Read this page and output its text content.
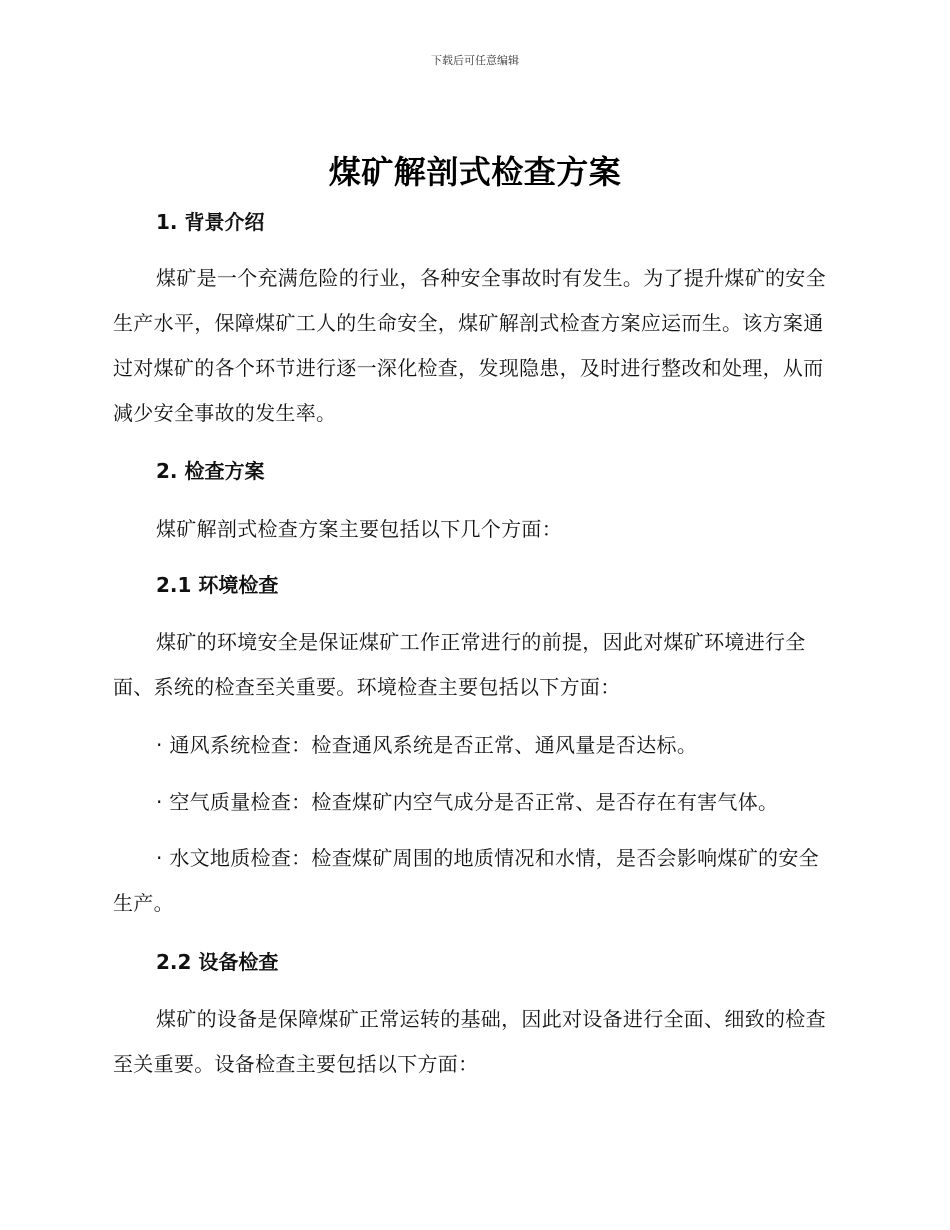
下载后可任意编辑
煤矿解剖式检查方案
1. 背景介绍
煤矿是一个充满危险的行业，各种安全事故时有发生。为了提升煤矿的安全生产水平，保障煤矿工人的生命安全，煤矿解剖式检查方案应运而生。该方案通过对煤矿的各个环节进行逐一深化检查，发现隐患，及时进行整改和处理，从而减少安全事故的发生率。
2. 检查方案
煤矿解剖式检查方案主要包括以下几个方面：
2.1 环境检查
煤矿的环境安全是保证煤矿工作正常进行的前提，因此对煤矿环境进行全面、系统的检查至关重要。环境检查主要包括以下方面：
· 通风系统检查：检查通风系统是否正常、通风量是否达标。
· 空气质量检查：检查煤矿内空气成分是否正常、是否存在有害气体。
· 水文地质检查：检查煤矿周围的地质情况和水情，是否会影响煤矿的安全生产。
2.2 设备检查
煤矿的设备是保障煤矿正常运转的基础，因此对设备进行全面、细致的检查至关重要。设备检查主要包括以下方面：
